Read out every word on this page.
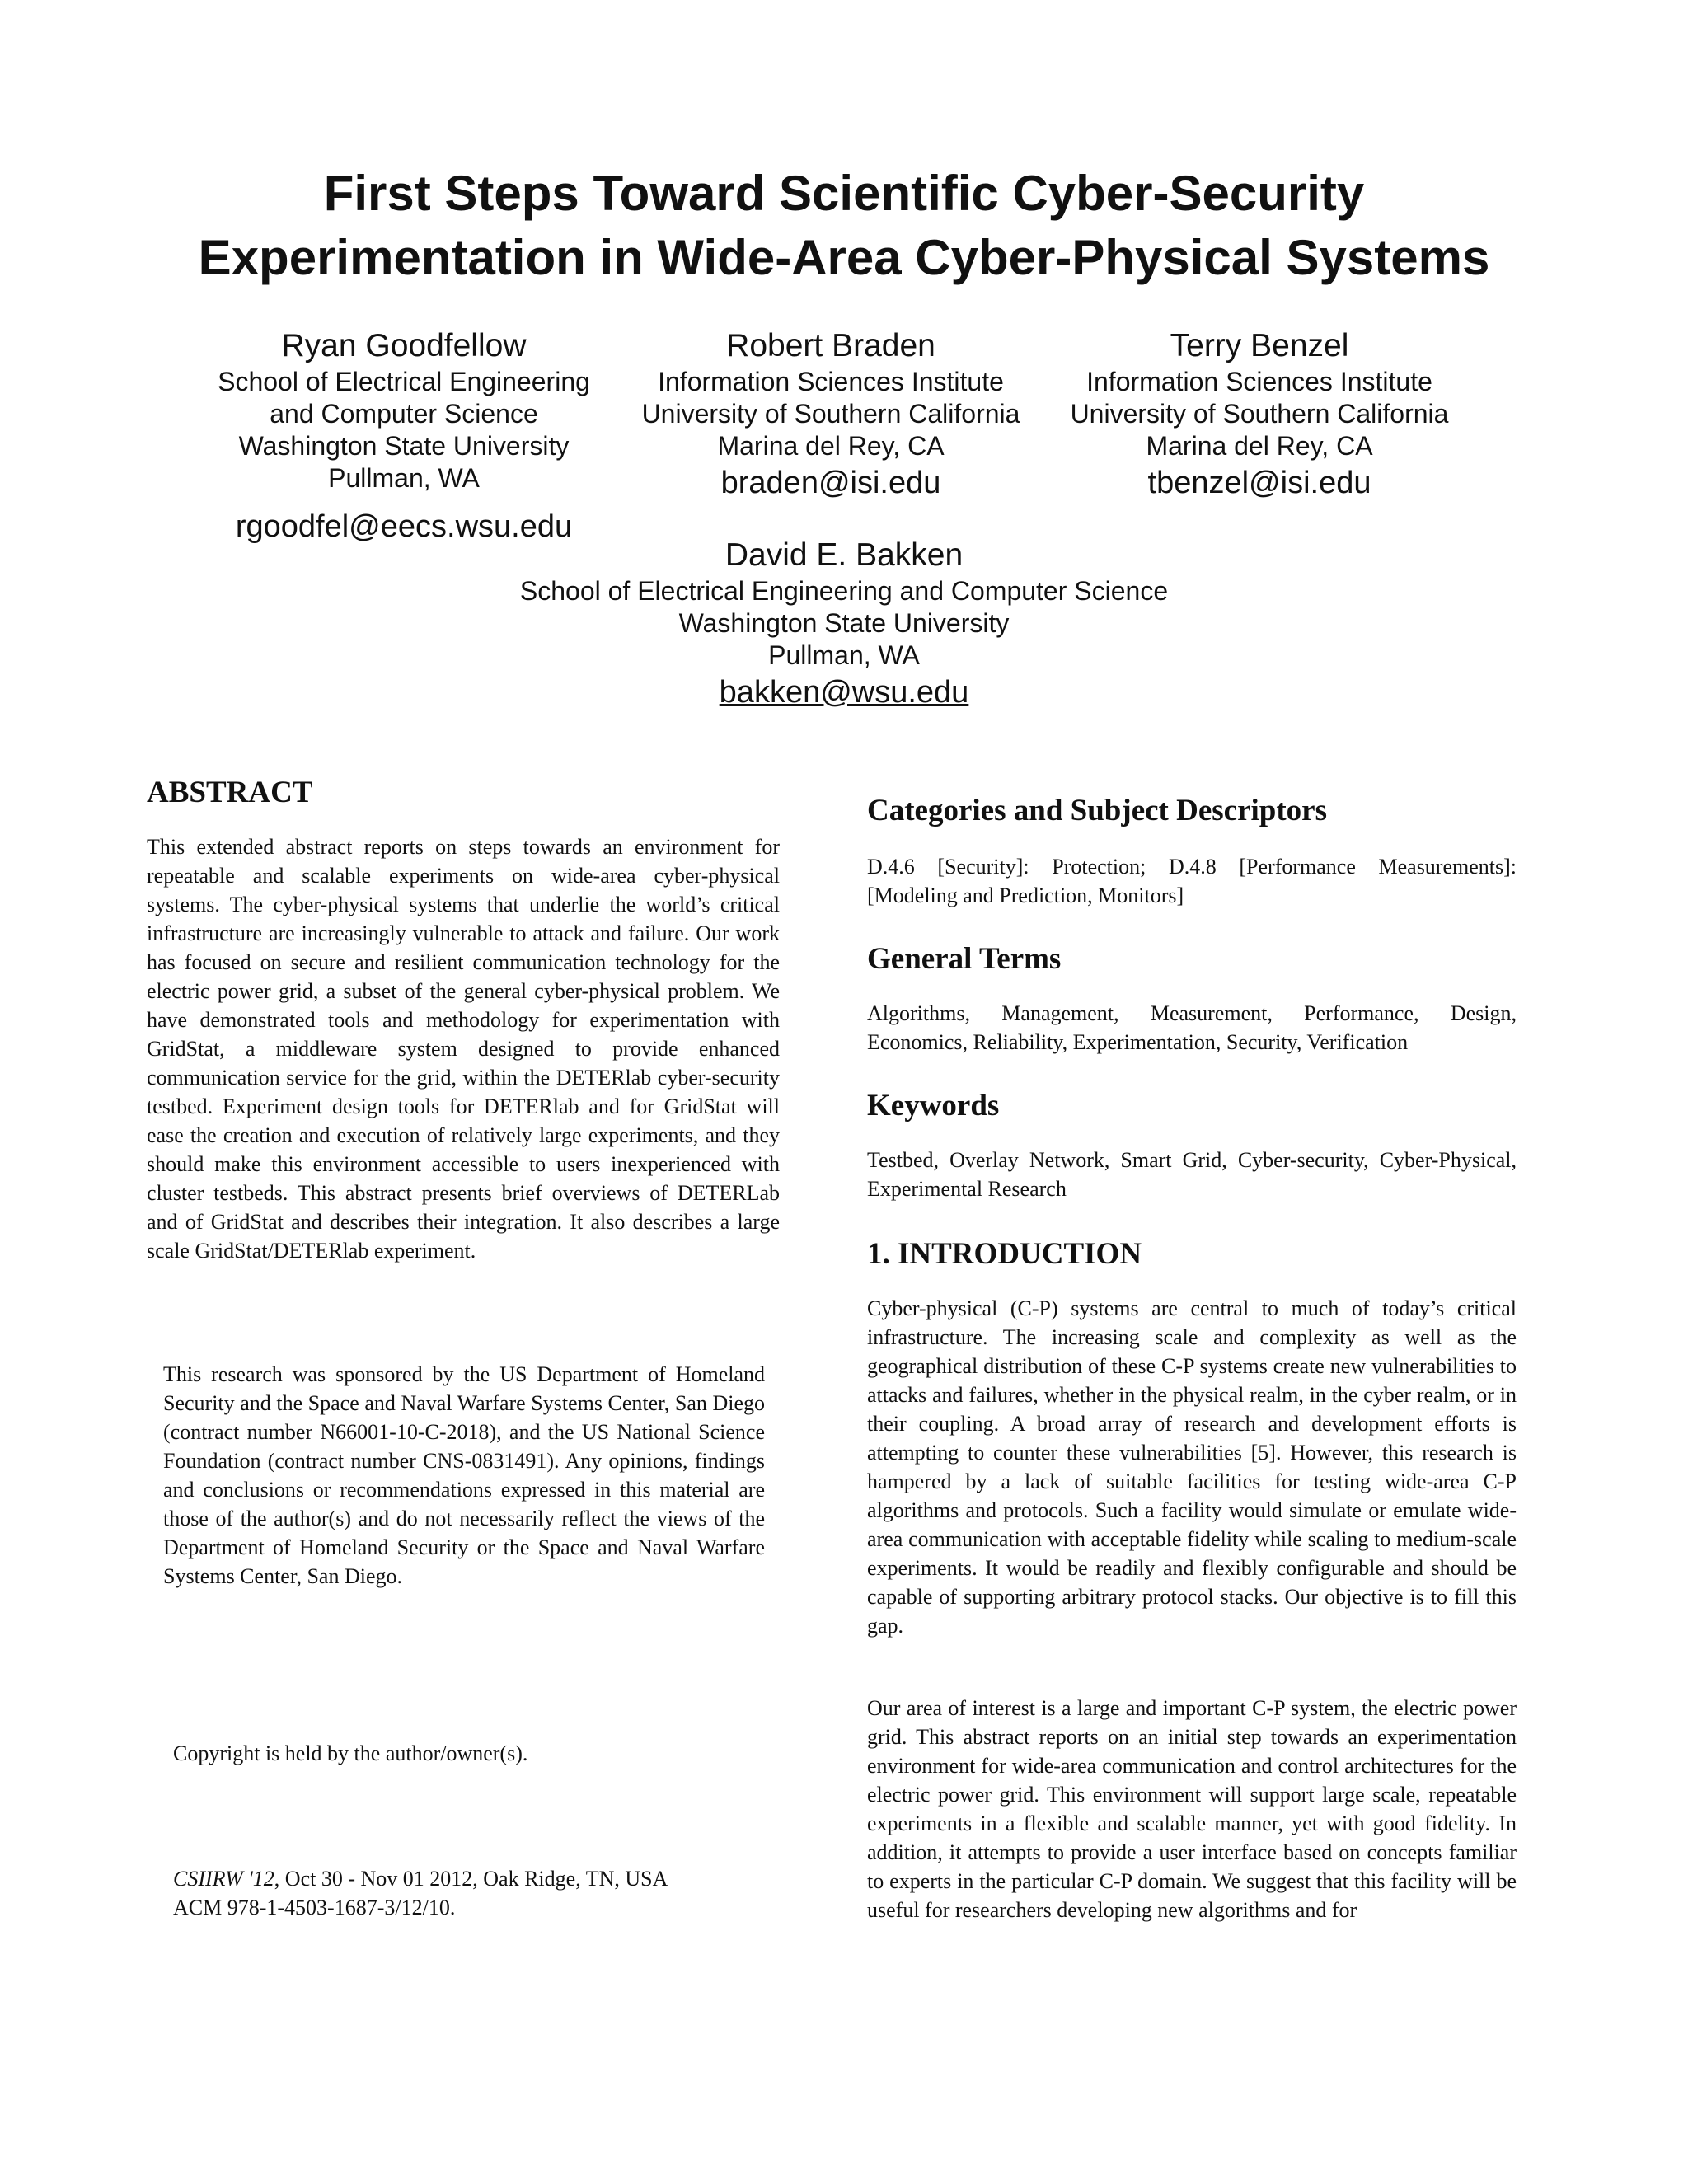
First Steps Toward Scientific Cyber-Security
Experimentation in Wide-Area Cyber-Physical Systems
Ryan Goodfellow
School of Electrical Engineering
and Computer Science
Washington State University
Pullman, WA
rgoodfel@eecs.wsu.edu
Robert Braden
Information Sciences Institute
University of Southern California
Marina del Rey, CA
braden@isi.edu
Terry Benzel
Information Sciences Institute
University of Southern California
Marina del Rey, CA
tbenzel@isi.edu
David E. Bakken
School of Electrical Engineering and Computer Science
Washington State University
Pullman, WA
bakken@wsu.edu
ABSTRACT

This extended abstract reports on steps towards an environment for repeatable and scalable experiments on wide-area cyber-physical systems. The cyber-physical systems that underlie the world’s critical infrastructure are increasingly vulnerable to attack and failure. Our work has focused on secure and resilient communication technology for the electric power grid, a subset of the general cyber-physical problem. We have demonstrated tools and methodology for experimentation with GridStat, a middleware system designed to provide enhanced communication service for the grid, within the DETERlab cyber-security testbed. Experiment design tools for DETERlab and for GridStat will ease the creation and execution of relatively large experiments, and they should make this environment accessible to users inexperienced with cluster testbeds. This abstract presents brief overviews of DETERLab and of GridStat and describes their integration. It also describes a large scale GridStat/DETERlab experiment.

This research was sponsored by the US Department of Homeland Security and the Space and Naval Warfare Systems Center, San Diego (contract number N66001-10-C-2018), and the US National Science Foundation (contract number CNS-0831491). Any opinions, findings and conclusions or recommendations expressed in this material are those of the author(s) and do not necessarily reflect the views of the Department of Homeland Security or the Space and Naval Warfare Systems Center, San Diego.

Copyright is held by the author/owner(s).

CSIIRW '12, Oct 30 - Nov 01 2012, Oak Ridge, TN, USA

ACM 978-1-4503-1687-3/12/10.

Categories and Subject Descriptors

D.4.6 [Security]: Protection; D.4.8 [Performance Measurements]: [Modeling and Prediction, Monitors]

General Terms

Algorithms, Management, Measurement, Performance, Design, Economics, Reliability, Experimentation, Security, Verification

Keywords

Testbed, Overlay Network, Smart Grid, Cyber-security, Cyber-Physical, Experimental Research

1. INTRODUCTION

Cyber-physical (C-P) systems are central to much of today’s critical infrastructure. The increasing scale and complexity as well as the geographical distribution of these C-P systems create new vulnerabilities to attacks and failures, whether in the physical realm, in the cyber realm, or in their coupling. A broad array of research and development efforts is attempting to counter these vulnerabilities [5]. However, this research is hampered by a lack of suitable facilities for testing wide-area C-P algorithms and protocols. Such a facility would simulate or emulate wide-area communication with acceptable fidelity while scaling to medium-scale experiments. It would be readily and flexibly configurable and should be capable of supporting arbitrary protocol stacks. Our objective is to fill this gap.

Our area of interest is a large and important C-P system, the electric power grid. This abstract reports on an initial step towards an experimentation environment for wide-area communication and control architectures for the electric power grid. This environment will support large scale, repeatable experiments in a flexible and scalable manner, yet with good fidelity. In addition, it attempts to provide a user interface based on concepts familiar to experts in the particular C-P domain. We suggest that this facility will be useful for researchers developing new algorithms and for
